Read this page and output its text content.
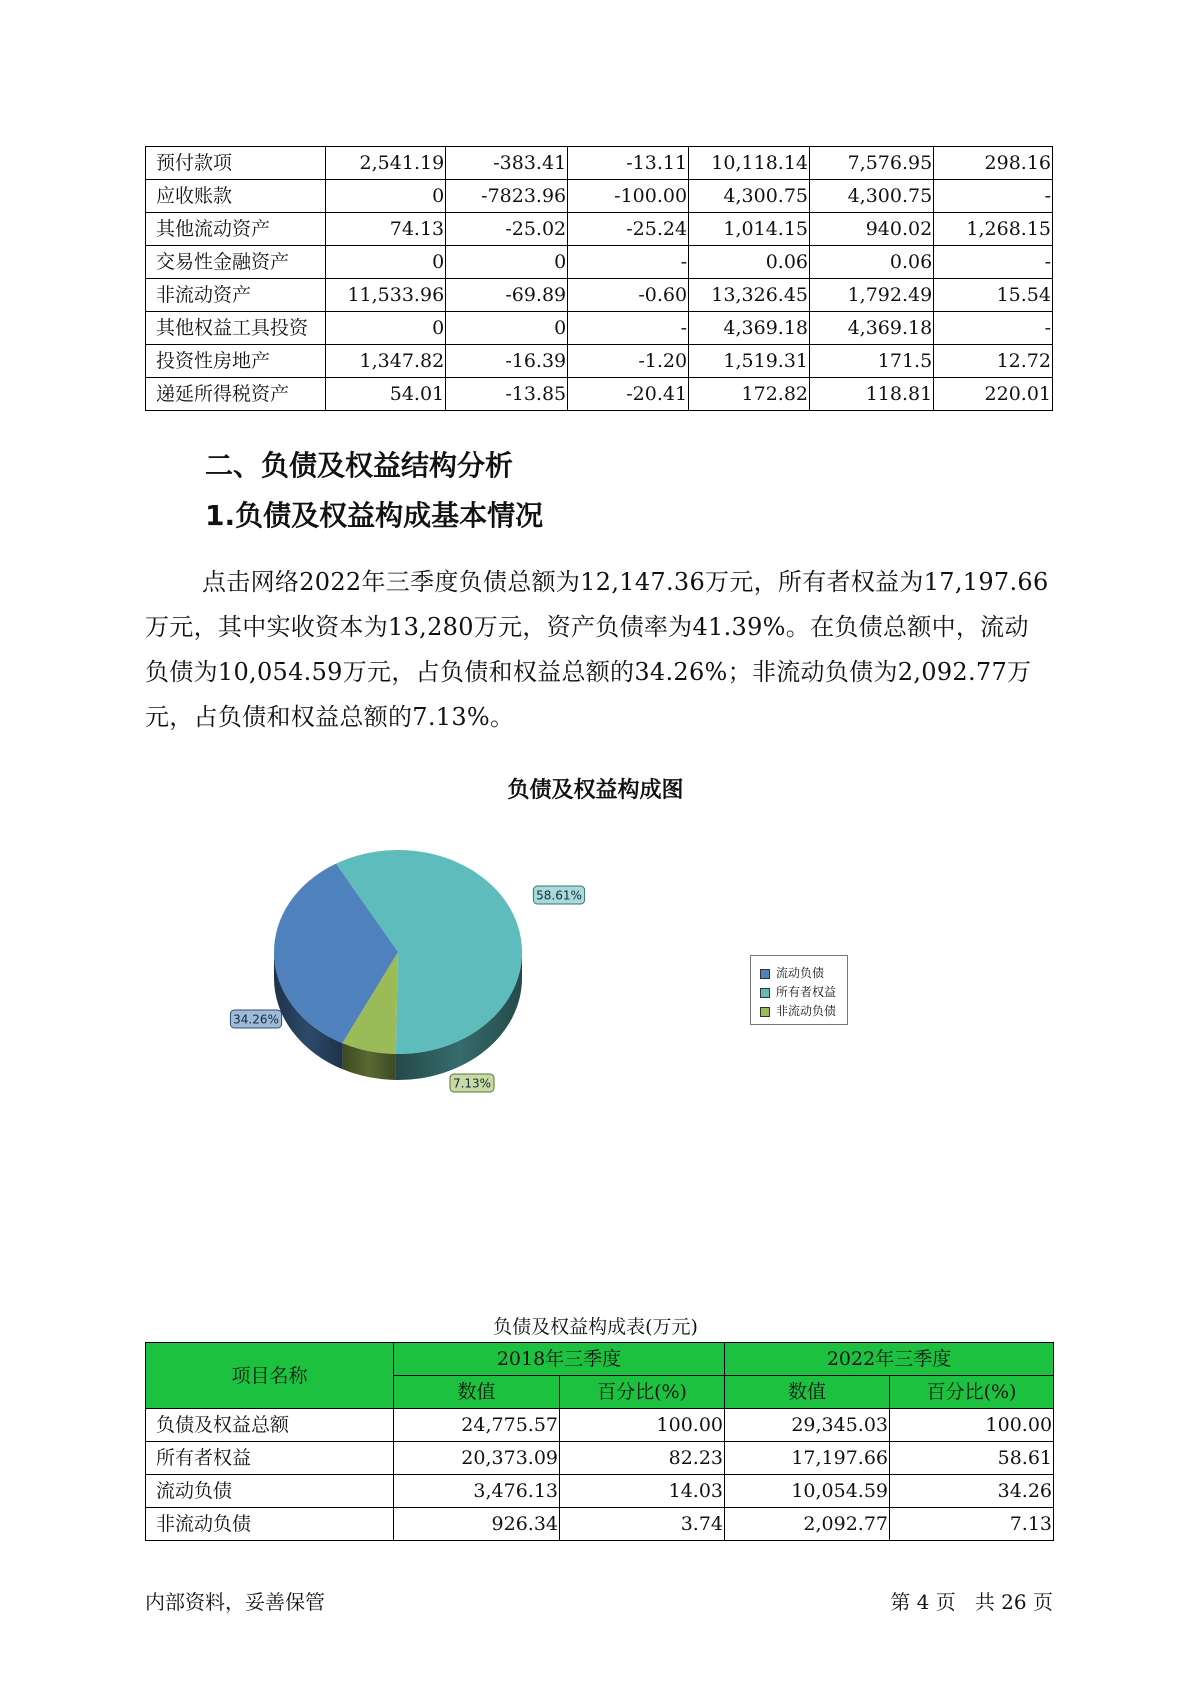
预付款项	2,541.19	-383.41	-13.11	10,118.14	7,576.95	298.16
应收账款	0	-7823.96	-100.00	4,300.75	4,300.75	-
其他流动资产	74.13	-25.02	-25.24	1,014.15	940.02	1,268.15
交易性金融资产	0	0	-	0.06	0.06	-
非流动资产	11,533.96	-69.89	-0.60	13,326.45	1,792.49	15.54
其他权益工具投资	0	0	-	4,369.18	4,369.18	-
投资性房地产	1,347.82	-16.39	-1.20	1,519.31	171.5	12.72
递延所得税资产	54.01	-13.85	-20.41	172.82	118.81	220.01
二、负债及权益结构分析
1.负债及权益构成基本情况

点击网络2022年三季度负债总额为12,147.36万元，所有者权益为17,197.66万元，其中实收资本为13,280万元，资产负债率为41.39%。在负债总额中，流动负债为10,054.59万元，占负债和权益总额的34.26%；非流动负债为2,092.77万元，占负债和权益总额的7.13%。

负债及权益构成图
58.61%
7.13%
34.26%
流动负债
所有者权益
非流动负债
负债及权益构成表(万元)
项目名称	2018年三季度		2022年三季度	
	数值	百分比(%)	数值	百分比(%)
负债及权益总额	24,775.57	100.00	29,345.03	100.00
所有者权益	20,373.09	82.23	17,197.66	58.61
流动负债	3,476.13	14.03	10,054.59	34.26
非流动负债	926.34	3.74	2,092.77	7.13
内部资料，妥善保管	第 4 页   共 26 页
